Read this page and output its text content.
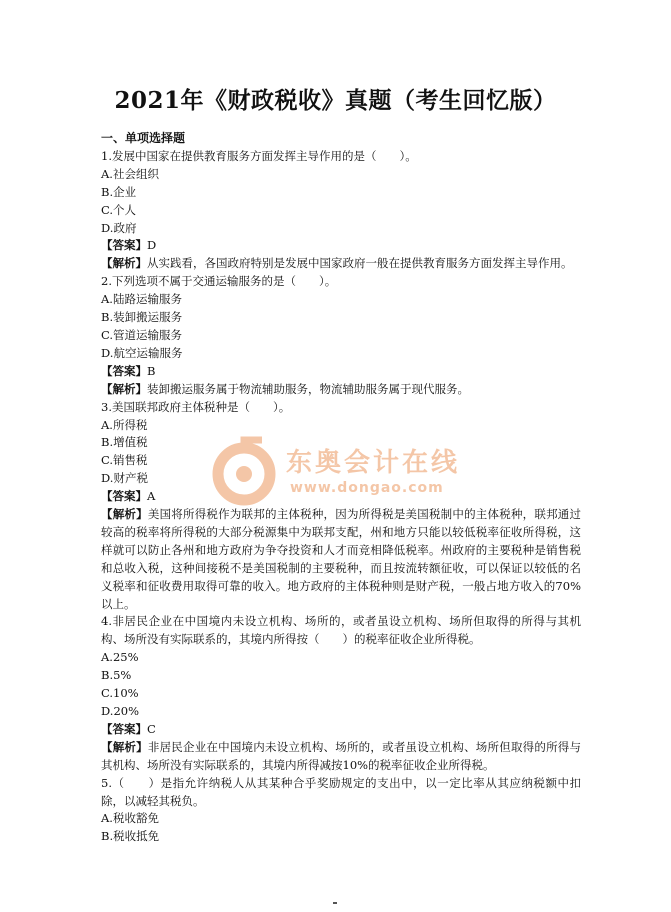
2021年《财政税收》真题（考生回忆版）
一、单项选择题
1.发展中国家在提供教育服务方面发挥主导作用的是（　　）。
A.社会组织
B.企业
C.个人
D.政府
【答案】D
【解析】从实践看，各国政府特别是发展中国家政府一般在提供教育服务方面发挥主导作用。
2.下列选项不属于交通运输服务的是（　　）。
A.陆路运输服务
B.装卸搬运服务
C.管道运输服务
D.航空运输服务
【答案】B
【解析】装卸搬运服务属于物流辅助服务，物流辅助服务属于现代服务。
3.美国联邦政府主体税种是（　　）。
A.所得税
B.增值税
C.销售税
D.财产税
【答案】A
【解析】美国将所得税作为联邦的主体税种，因为所得税是美国税制中的主体税种，联邦通过较高的税率将所得税的大部分税源集中为联邦支配，州和地方只能以较低税率征收所得税，这样就可以防止各州和地方政府为争夺投资和人才而竞相降低税率。州政府的主要税种是销售税和总收入税，这种间接税不是美国税制的主要税种，而且按流转额征收，可以保证以较低的名义税率和征收费用取得可靠的收入。地方政府的主体税种则是财产税，一般占地方收入的70%以上。
4.非居民企业在中国境内未设立机构、场所的，或者虽设立机构、场所但取得的所得与其机构、场所没有实际联系的，其境内所得按（　　）的税率征收企业所得税。
A.25%
B.5%
C.10%
D.20%
【答案】C
【解析】非居民企业在中国境内未设立机构、场所的，或者虽设立机构、场所但取得的所得与其机构、场所没有实际联系的，其境内所得减按10%的税率征收企业所得税。
5.（　　）是指允许纳税人从其某种合乎奖励规定的支出中，以一定比率从其应纳税额中扣除，以减轻其税负。
A.税收豁免
B.税收抵免
东奥会计在线
www.dongao.com
